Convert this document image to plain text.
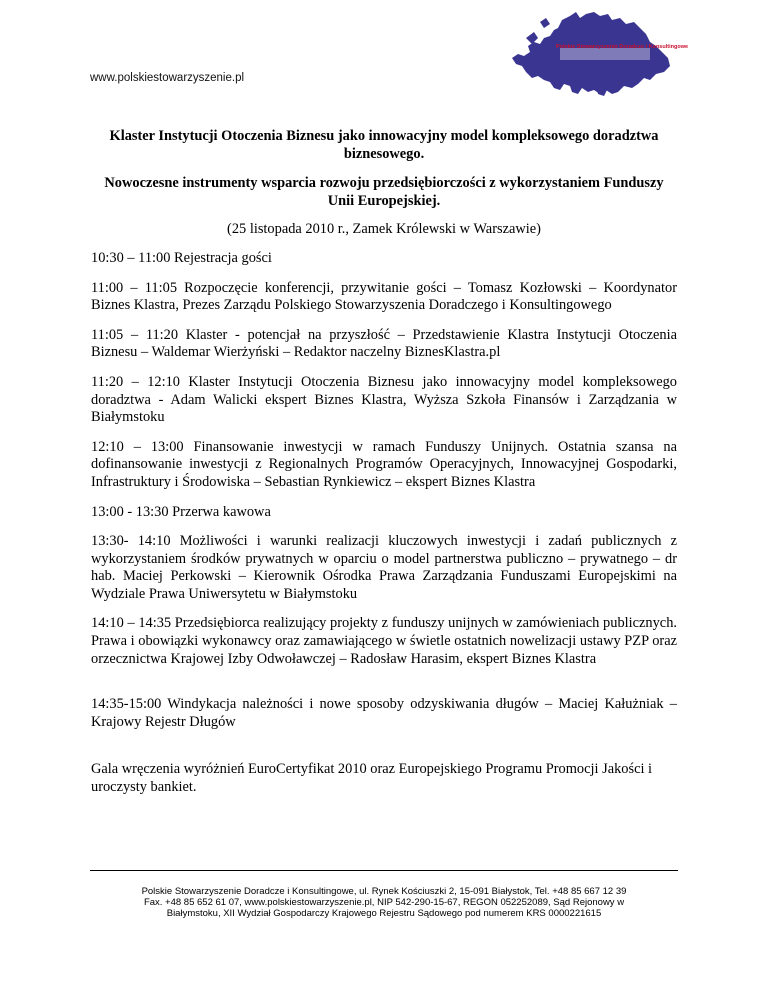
www.polskiestowarzyszenie.pl
Polskie Stowarzyszenie Doradcze i Konsultingowe

Klaster Instytucji Otoczenia Biznesu jako innowacyjny model kompleksowego doradztwa biznesowego.

Nowoczesne instrumenty wsparcia rozwoju przedsiębiorczości z wykorzystaniem Funduszy Unii Europejskiej.

(25 listopada 2010 r., Zamek Królewski w Warszawie)

10:30 – 11:00 Rejestracja gości

11:00 – 11:05 Rozpoczęcie konferencji, przywitanie gości – Tomasz Kozłowski – Koordynator Biznes Klastra, Prezes Zarządu Polskiego Stowarzyszenia Doradczego i Konsultingowego

11:05 – 11:20 Klaster - potencjał na przyszłość – Przedstawienie Klastra Instytucji Otoczenia Biznesu – Waldemar Wierżyński – Redaktor naczelny BiznesKlastra.pl

11:20 – 12:10 Klaster Instytucji Otoczenia Biznesu jako innowacyjny model kompleksowego doradztwa - Adam Walicki ekspert Biznes Klastra, Wyższa Szkoła Finansów i Zarządzania w Białymstoku

12:10 – 13:00 Finansowanie inwestycji w ramach Funduszy Unijnych. Ostatnia szansa na dofinansowanie inwestycji z Regionalnych Programów Operacyjnych, Innowacyjnej Gospodarki, Infrastruktury i Środowiska – Sebastian Rynkiewicz – ekspert Biznes Klastra

13:00 - 13:30 Przerwa kawowa

13:30- 14:10 Możliwości i warunki realizacji kluczowych inwestycji i zadań publicznych z wykorzystaniem środków prywatnych w oparciu o model partnerstwa publiczno – prywatnego – dr hab. Maciej Perkowski – Kierownik Ośrodka Prawa Zarządzania Funduszami Europejskimi na Wydziale Prawa Uniwersytetu w Białymstoku

14:10 – 14:35 Przedsiębiorca realizujący projekty z funduszy unijnych w zamówieniach publicznych. Prawa i obowiązki wykonawcy oraz zamawiającego w świetle ostatnich nowelizacji ustawy PZP oraz orzecznictwa Krajowej Izby Odwoławczej – Radosław Harasim, ekspert Biznes Klastra

14:35-15:00 Windykacja należności i nowe sposoby odzyskiwania długów – Maciej Kałużniak – Krajowy Rejestr Długów

Gala wręczenia wyróżnień EuroCertyfikat 2010 oraz Europejskiego Programu Promocji Jakości i uroczysty bankiet.

Polskie Stowarzyszenie Doradcze i Konsultingowe, ul. Rynek Kościuszki 2, 15-091 Białystok, Tel. +48 85 667 12 39
Fax. +48 85 652 61 07, www.polskiestowarzyszenie.pl, NIP 542-290-15-67, REGON 052252089, Sąd Rejonowy w
Białymstoku, XII Wydział Gospodarczy Krajowego Rejestru Sądowego pod numerem KRS 0000221615
